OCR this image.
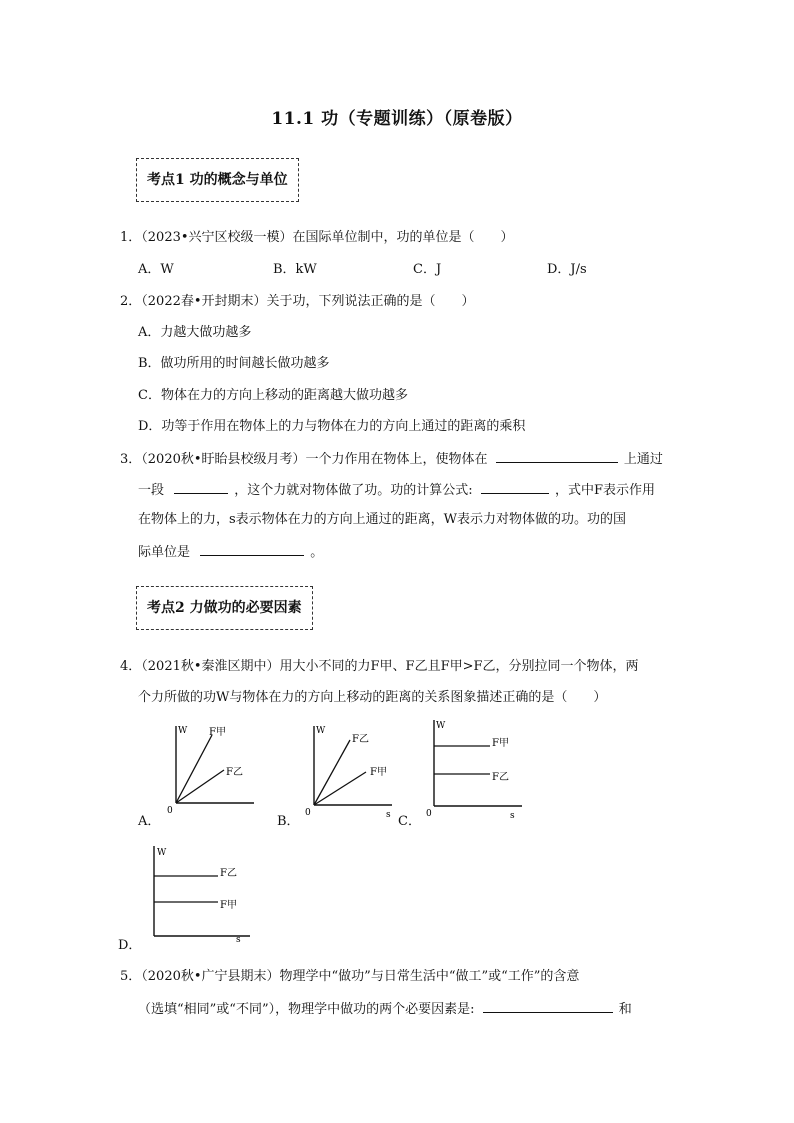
11.1 功（专题训练）（原卷版）
考点1 功的概念与单位
1．（2023•兴宁区校级一模）在国际单位制中，功的单位是（　　）
A．W	B．kW	C．J	D．J/s
2．（2022春•开封期末）关于功，下列说法正确的是（　　）
A．力越大做功越多
B．做功所用的时间越长做功越多
C．物体在力的方向上移动的距离越大做功越多
D．功等于作用在物体上的力与物体在力的方向上通过的距离的乘积
3．（2020秋•盱眙县校级月考）一个力作用在物体上，使物体在	上通过
一段	，这个力就对物体做了功。功的计算公式:	，式中F表示作用
在物体上的力，s表示物体在力的方向上通过的距离，W表示力对物体做的功。功的国
际单位是	。
考点2 力做功的必要因素
4．（2021秋•秦淮区期中）用大小不同的力F甲、F乙且F甲>F乙，分别拉同一个物体，两
个力所做的功W与物体在力的方向上移动的距离的关系图象描述正确的是（　　）
A．	B．	C．
D．
W
0
F甲
F乙
W
0	s
F乙
F甲
W
0	s
F甲
F乙
W
s
F乙
F甲
5．（2020秋•广宁县期末）物理学中“做功”与日常生活中“做工”或“工作”的含意
（选填“相同”或“不同”），物理学中做功的两个必要因素是:	和
